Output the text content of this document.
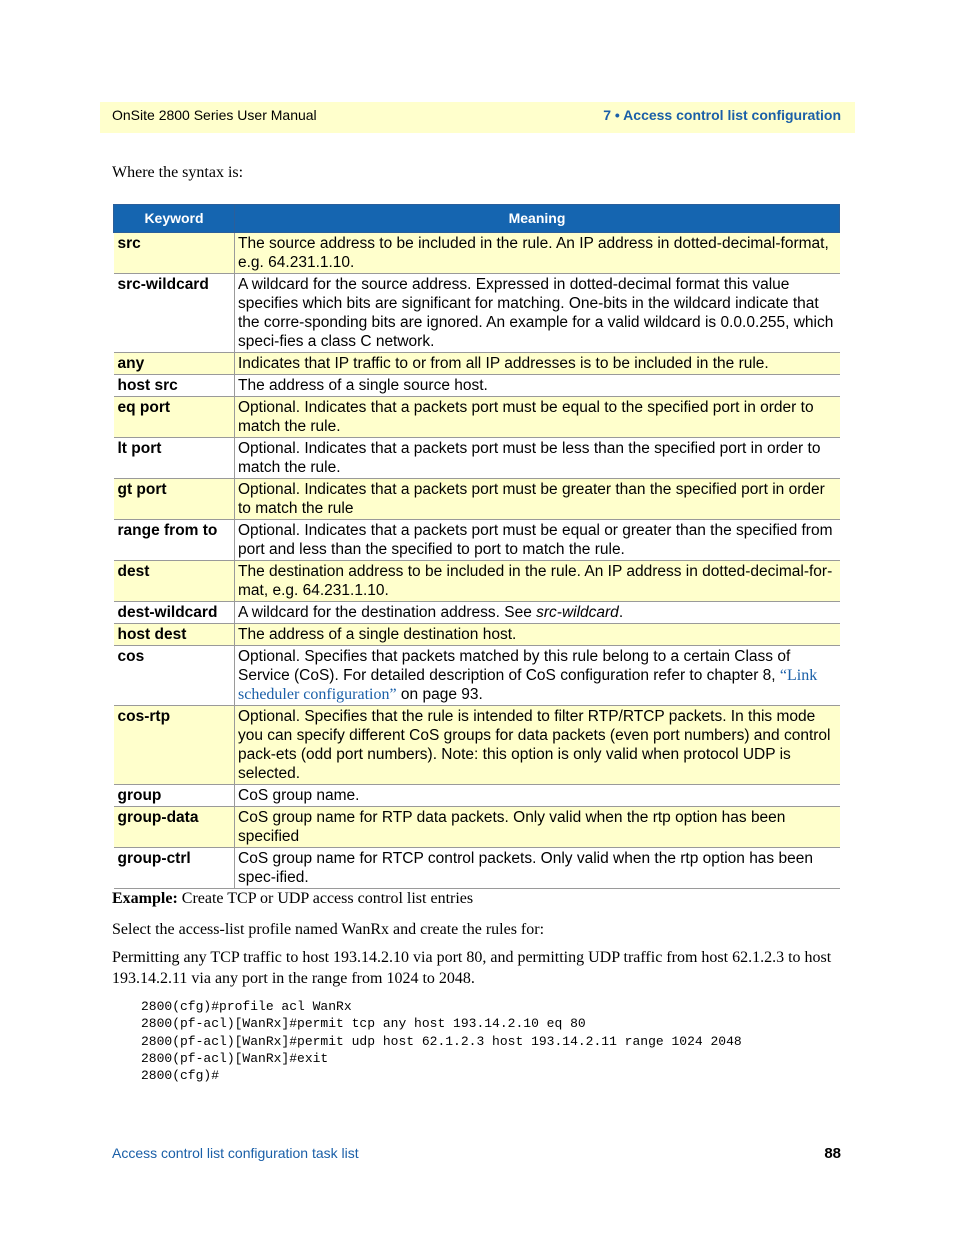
OnSite 2800 Series User Manual	7 • Access control list configuration
Where the syntax is:
Keyword	Meaning
src	The source address to be included in the rule. An IP address in dotted-decimal-format, e.g. 64.231.1.10.
src-wildcard	A wildcard for the source address. Expressed in dotted-decimal format this value specifies which bits are significant for matching. One-bits in the wildcard indicate that the corre-sponding bits are ignored. An example for a valid wildcard is 0.0.0.255, which speci-fies a class C network.
any	Indicates that IP traffic to or from all IP addresses is to be included in the rule.
host src	The address of a single source host.
eq port	Optional. Indicates that a packets port must be equal to the specified port in order to match the rule.
lt port	Optional. Indicates that a packets port must be less than the specified port in order to match the rule.
gt port	Optional. Indicates that a packets port must be greater than the specified port in order to match the rule
range from to	Optional. Indicates that a packets port must be equal or greater than the specified from port and less than the specified to port to match the rule.
dest	The destination address to be included in the rule. An IP address in dotted-decimal-for-mat, e.g. 64.231.1.10.
dest-wildcard	A wildcard for the destination address. See src-wildcard.
host dest	The address of a single destination host.
cos	Optional. Specifies that packets matched by this rule belong to a certain Class of Service (CoS). For detailed description of CoS configuration refer to chapter 8, “Link scheduler configuration” on page 93.
cos-rtp	Optional. Specifies that the rule is intended to filter RTP/RTCP packets. In this mode you can specify different CoS groups for data packets (even port numbers) and control pack-ets (odd port numbers). Note: this option is only valid when protocol UDP is selected.
group	CoS group name.
group-data	CoS group name for RTP data packets. Only valid when the rtp option has been specified
group-ctrl	CoS group name for RTCP control packets. Only valid when the rtp option has been spec-ified.
Example: Create TCP or UDP access control list entries
Select the access-list profile named WanRx and create the rules for:
Permitting any TCP traffic to host 193.14.2.10 via port 80, and permitting UDP traffic from host 62.1.2.3 to host 193.14.2.11 via any port in the range from 1024 to 2048.
2800(cfg)#profile acl WanRx
2800(pf-acl)[WanRx]#permit tcp any host 193.14.2.10 eq 80
2800(pf-acl)[WanRx]#permit udp host 62.1.2.3 host 193.14.2.11 range 1024 2048
2800(pf-acl)[WanRx]#exit
2800(cfg)#
Access control list configuration task list	88
